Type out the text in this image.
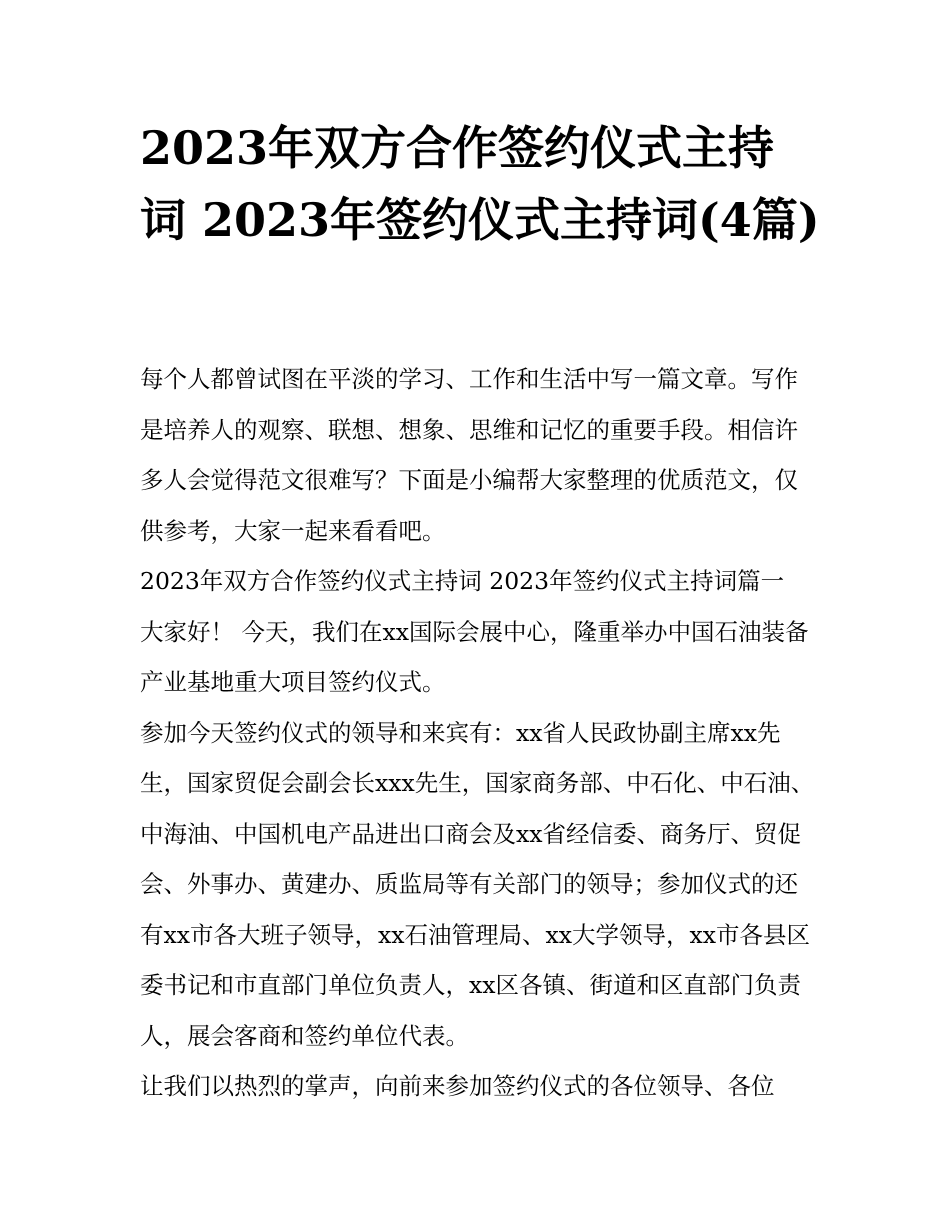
2023年双方合作签约仪式主持词 2023年签约仪式主持词(4篇)

每个人都曾试图在平淡的学习、工作和生活中写一篇文章。写作是培养人的观察、联想、想象、思维和记忆的重要手段。相信许多人会觉得范文很难写？下面是小编帮大家整理的优质范文，仅供参考，大家一起来看看吧。

2023年双方合作签约仪式主持词 2023年签约仪式主持词篇一

大家好！ 今天，我们在xx国际会展中心，隆重举办中国石油装备产业基地重大项目签约仪式。

参加今天签约仪式的领导和来宾有：xx省人民政协副主席xx先生，国家贸促会副会长xxx先生，国家商务部、中石化、中石油、中海油、中国机电产品进出口商会及xx省经信委、商务厅、贸促会、外事办、黄建办、质监局等有关部门的领导；参加仪式的还有xx市各大班子领导，xx石油管理局、xx大学领导，xx市各县区委书记和市直部门单位负责人，xx区各镇、街道和区直部门负责人，展会客商和签约单位代表。

让我们以热烈的掌声，向前来参加签约仪式的各位领导、各位
